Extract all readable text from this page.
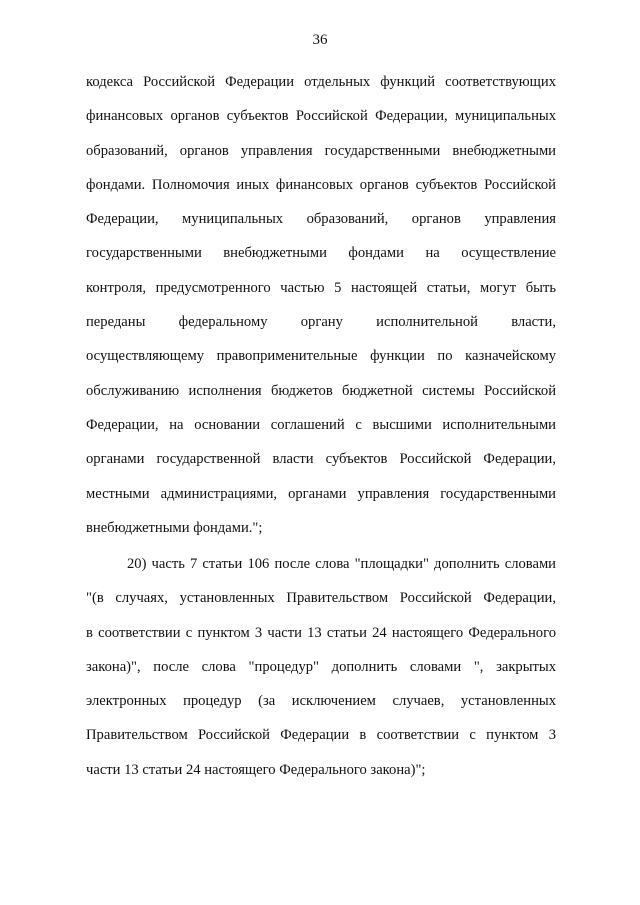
36
кодекса Российской Федерации отдельных функций соответствующих
финансовых органов субъектов Российской Федерации, муниципальных
образований, органов управления государственными внебюджетными
фондами. Полномочия иных финансовых органов субъектов Российской
Федерации, муниципальных образований, органов управления
государственными внебюджетными фондами на осуществление
контроля, предусмотренного частью 5 настоящей статьи, могут быть
переданы федеральному органу исполнительной власти,
осуществляющему правоприменительные функции по казначейскому
обслуживанию исполнения бюджетов бюджетной системы Российской
Федерации, на основании соглашений с высшими исполнительными
органами государственной власти субъектов Российской Федерации,
местными администрациями, органами управления государственными
внебюджетными фондами.";
20) часть 7 статьи 106 после слова "площадки" дополнить словами
"(в случаях, установленных Правительством Российской Федерации,
в соответствии с пунктом 3 части 13 статьи 24 настоящего Федерального
закона)", после слова "процедур" дополнить словами ", закрытых
электронных процедур (за исключением случаев, установленных
Правительством Российской Федерации в соответствии с пунктом 3
части 13 статьи 24 настоящего Федерального закона)";
